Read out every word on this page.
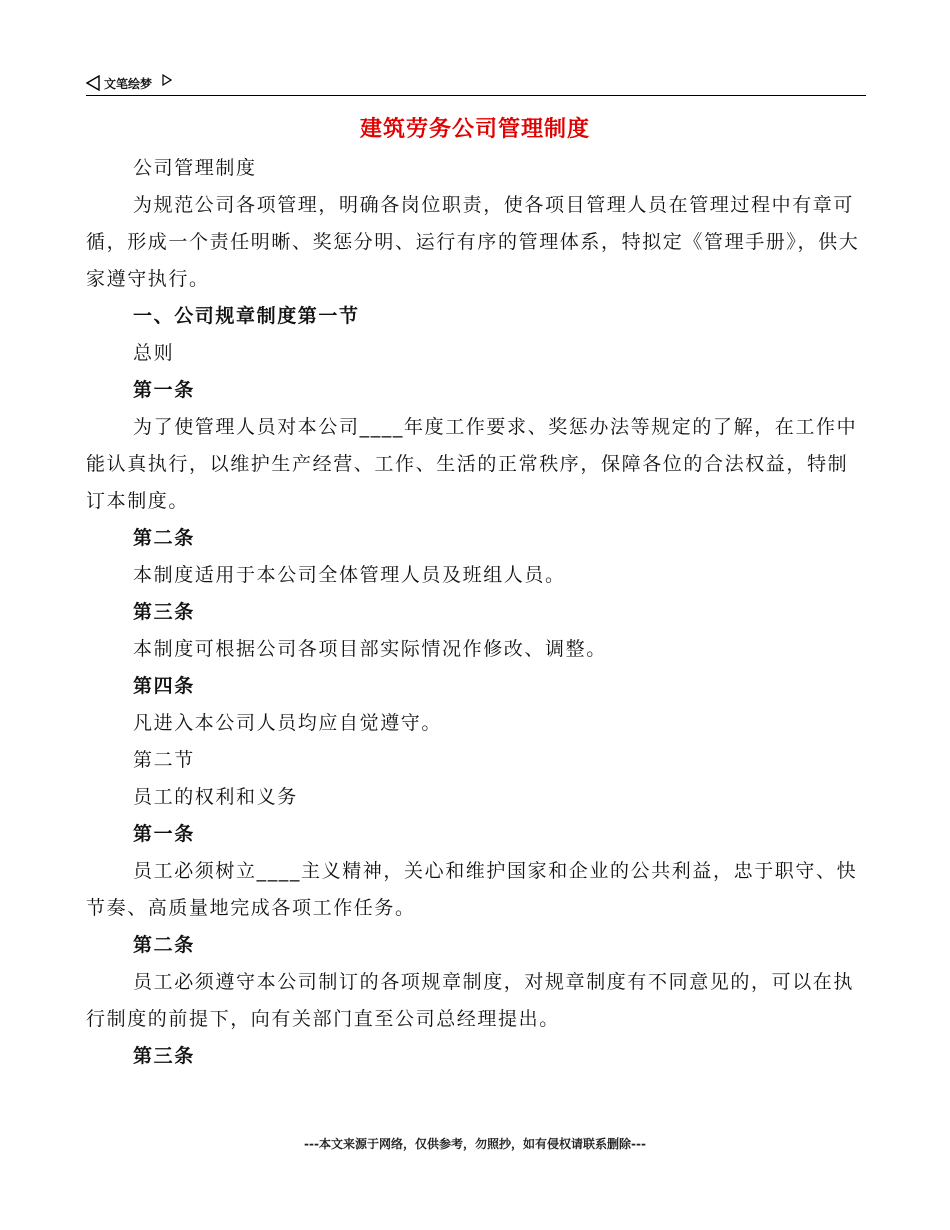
文笔绘梦
建筑劳务公司管理制度

公司管理制度

为规范公司各项管理，明确各岗位职责，使各项目管理人员在管理过程中有章可循，形成一个责任明晰、奖惩分明、运行有序的管理体系，特拟定《管理手册》，供大家遵守执行。

一、公司规章制度第一节

总则

第一条

为了使管理人员对本公司____年度工作要求、奖惩办法等规定的了解，在工作中能认真执行，以维护生产经营、工作、生活的正常秩序，保障各位的合法权益，特制订本制度。

第二条

本制度适用于本公司全体管理人员及班组人员。

第三条

本制度可根据公司各项目部实际情况作修改、调整。

第四条

凡进入本公司人员均应自觉遵守。

第二节

员工的权利和义务

第一条

员工必须树立____主义精神，关心和维护国家和企业的公共利益，忠于职守、快节奏、高质量地完成各项工作任务。

第二条

员工必须遵守本公司制订的各项规章制度，对规章制度有不同意见的，可以在执行制度的前提下，向有关部门直至公司总经理提出。

第三条

---本文来源于网络，仅供参考，勿照抄，如有侵权请联系删除---
